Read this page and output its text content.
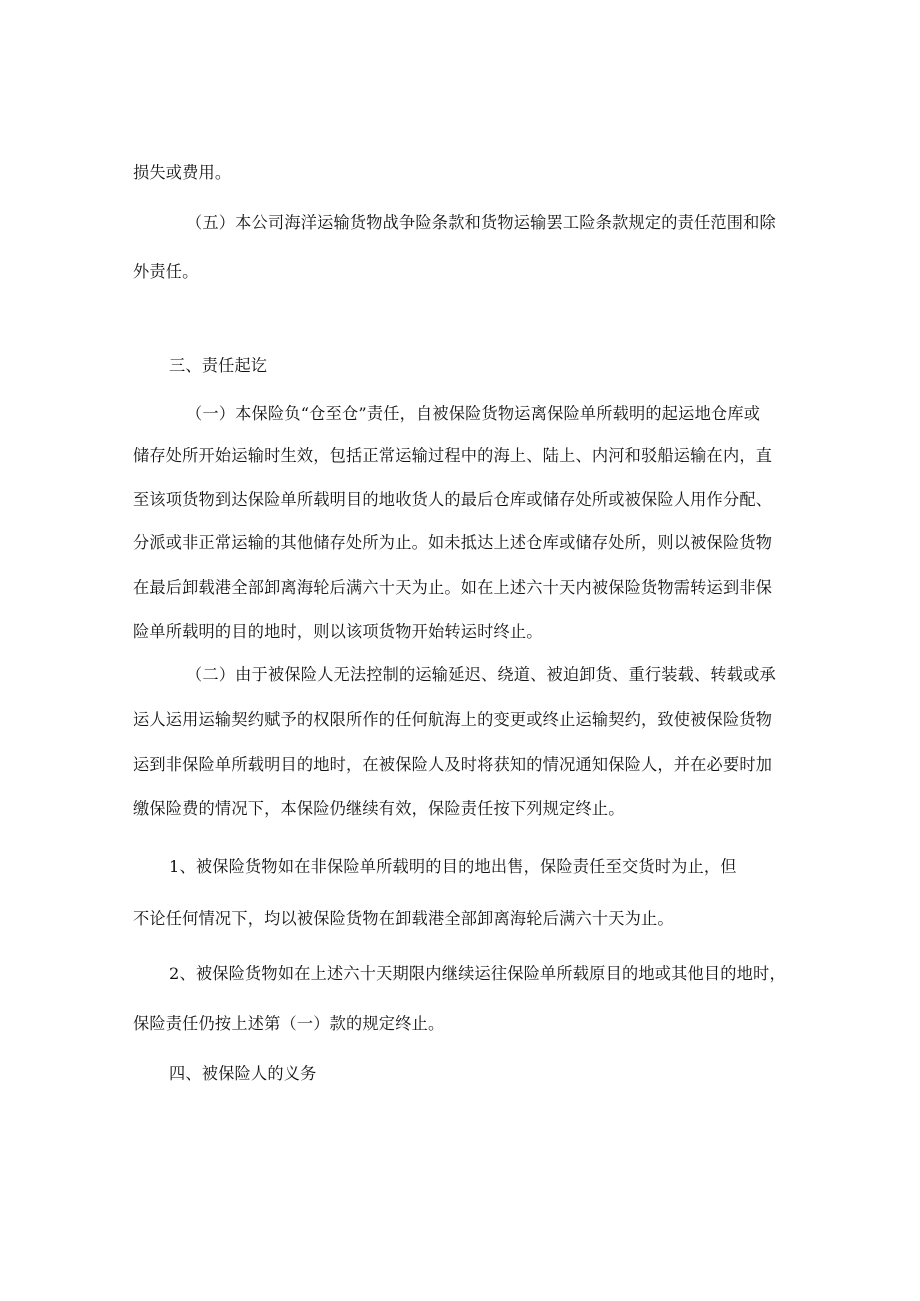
损失或费用。
（五）本公司海洋运输货物战争险条款和货物运输罢工险条款规定的责任范围和除
外责任。
三、责任起讫
（一）本保险负“仓至仓”责任，自被保险货物运离保险单所载明的起运地仓库或
储存处所开始运输时生效，包括正常运输过程中的海上、陆上、内河和驳船运输在内，直
至该项货物到达保险单所载明目的地收货人的最后仓库或储存处所或被保险人用作分配、
分派或非正常运输的其他储存处所为止。如未抵达上述仓库或储存处所，则以被保险货物
在最后卸载港全部卸离海轮后满六十天为止。如在上述六十天内被保险货物需转运到非保
险单所载明的目的地时，则以该项货物开始转运时终止。
（二）由于被保险人无法控制的运输延迟、绕道、被迫卸货、重行装载、转载或承
运人运用运输契约赋予的权限所作的任何航海上的变更或终止运输契约，致使被保险货物
运到非保险单所载明目的地时，在被保险人及时将获知的情况通知保险人，并在必要时加
缴保险费的情况下，本保险仍继续有效，保险责任按下列规定终止。
1、被保险货物如在非保险单所载明的目的地出售，保险责任至交货时为止，但
不论任何情况下，均以被保险货物在卸载港全部卸离海轮后满六十天为止。
2、被保险货物如在上述六十天期限内继续运往保险单所载原目的地或其他目的地时，
保险责任仍按上述第（一）款的规定终止。
四、被保险人的义务
